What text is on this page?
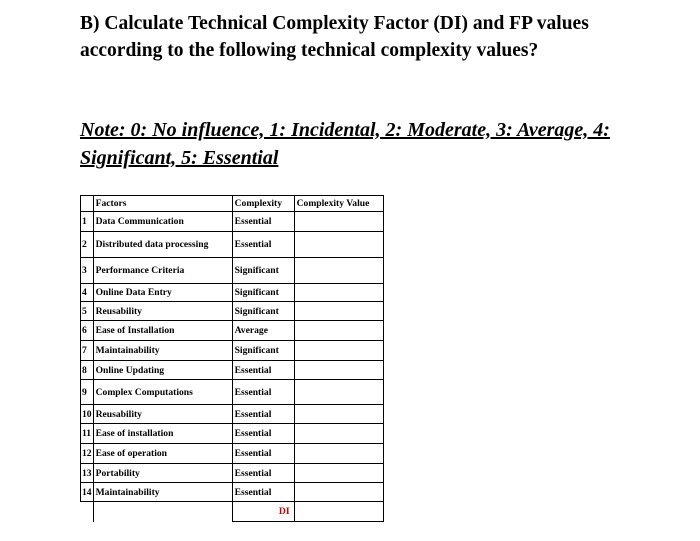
B) Calculate Technical Complexity Factor (DI) and FP values according to the following technical complexity values?

Note: 0: No influence, 1: Incidental, 2: Moderate, 3: Average, 4: Significant, 5: Essential

	Factors	Complexity	Complexity Value
1	Data Communication	Essential	
2	Distributed data processing	Essential	
3	Performance Criteria	Significant	
4	Online Data Entry	Significant	
5	Reusability	Significant	
6	Ease of Installation	Average	
7	Maintainability	Significant	
8	Online Updating	Essential	
9	Complex Computations	Essential	
10	Reusability	Essential	
11	Ease of installation	Essential	
12	Ease of operation	Essential	
13	Portability	Essential	
14	Maintainability	Essential	
		DI	
